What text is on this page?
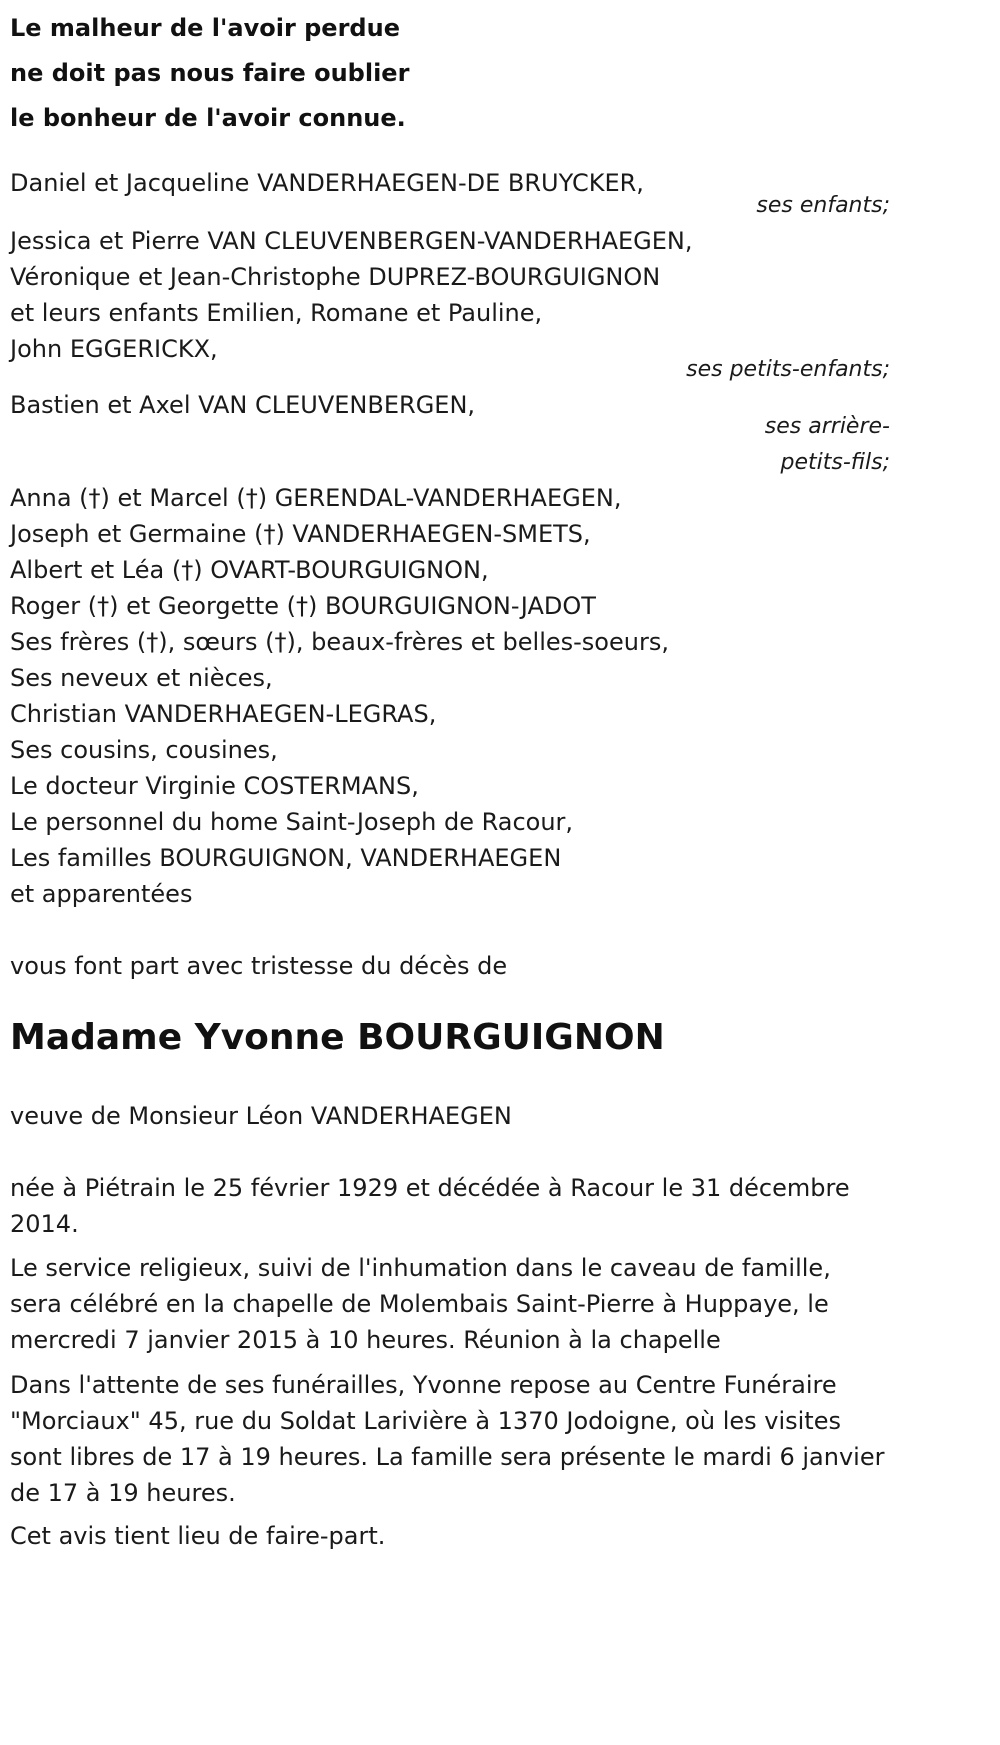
Le malheur de l'avoir perdue
ne doit pas nous faire oublier
le bonheur de l'avoir connue.
Daniel et Jacqueline VANDERHAEGEN-DE BRUYCKER,
ses enfants;
Jessica et Pierre VAN CLEUVENBERGEN-VANDERHAEGEN,
Véronique et Jean-Christophe DUPREZ-BOURGUIGNON
et leurs enfants Emilien, Romane et Pauline,
John EGGERICKX,
ses petits-enfants;
Bastien et Axel VAN CLEUVENBERGEN,
ses arrière-
petits-fils;
Anna (†) et Marcel (†) GERENDAL-VANDERHAEGEN,
Joseph et Germaine (†) VANDERHAEGEN-SMETS,
Albert et Léa (†) OVART-BOURGUIGNON,
Roger (†) et Georgette (†) BOURGUIGNON-JADOT
Ses frères (†), sœurs (†), beaux-frères et belles-soeurs,
Ses neveux et nièces,
Christian VANDERHAEGEN-LEGRAS,
Ses cousins, cousines,
Le docteur Virginie COSTERMANS,
Le personnel du home Saint-Joseph de Racour,
Les familles BOURGUIGNON, VANDERHAEGEN
et apparentées
vous font part avec tristesse du décès de
Madame Yvonne BOURGUIGNON
veuve de Monsieur Léon VANDERHAEGEN
née à Piétrain le 25 février 1929 et décédée à Racour le 31 décembre 2014.
Le service religieux, suivi de l'inhumation dans le caveau de famille, sera célébré en la chapelle de Molembais Saint-Pierre à Huppaye, le mercredi 7 janvier 2015 à 10 heures. Réunion à la chapelle
Dans l'attente de ses funérailles, Yvonne repose au Centre Funéraire "Morciaux" 45, rue du Soldat Larivière à 1370 Jodoigne, où les visites sont libres de 17 à 19 heures. La famille sera présente le mardi 6 janvier de 17 à 19 heures.
Cet avis tient lieu de faire-part.
